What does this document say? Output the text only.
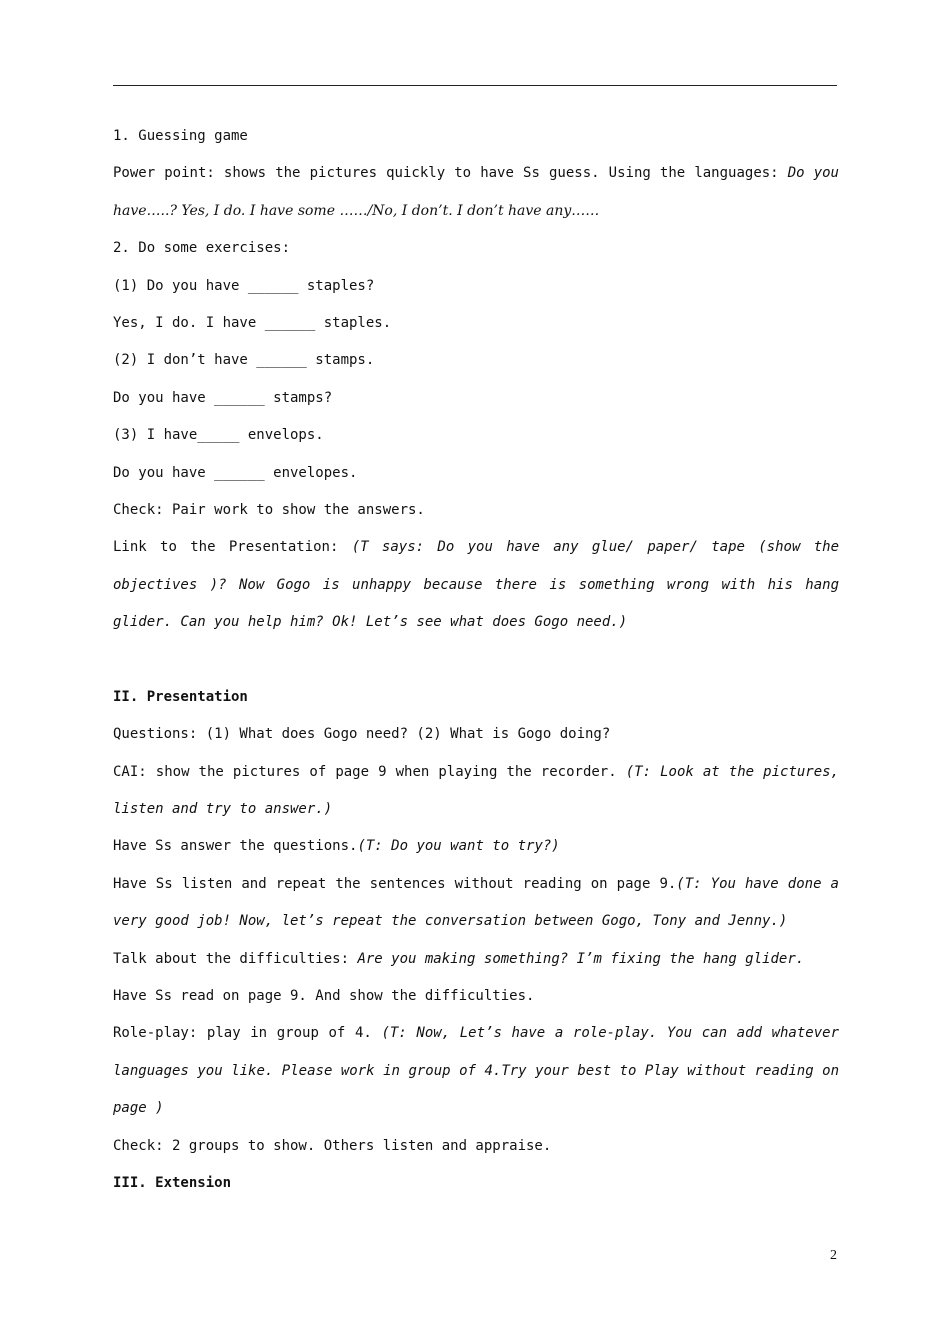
1. Guessing game
Power point: shows the pictures quickly to have Ss guess. Using the languages: Do you
have…..? Yes, I do. I have some ……/No, I don’t. I don’t have any……
2. Do some exercises:
(1) Do you have ______ staples?
Yes, I do. I have ______ staples.
(2) I don’t have ______ stamps.
Do you have ______ stamps?
(3) I have_____ envelops.
Do you have ______ envelopes.
Check: Pair work to show the answers.
Link to the Presentation: (T says: Do you have any glue/ paper/ tape (show the
objectives )? Now Gogo is unhappy because there is something wrong with his hang
glider. Can you help him? Ok! Let’s see what does Gogo need.)
II. Presentation
Questions: (1) What does Gogo need? (2) What is Gogo doing?
CAI: show the pictures of page 9 when playing the recorder. (T: Look at the pictures,
listen and try to answer.)
Have Ss answer the questions.(T: Do you want to try?)
Have Ss listen and repeat the sentences without reading on page 9.(T: You have done a
very good job! Now, let’s repeat the conversation between Gogo, Tony and Jenny.)
Talk about the difficulties: Are you making something? I’m fixing the hang glider.
Have Ss read on page 9. And show the difficulties.
Role-play: play in group of 4. (T: Now, Let’s have a role-play. You can add whatever
languages you like. Please work in group of 4.Try your best to Play without reading on
page )
Check: 2 groups to show. Others listen and appraise.
III. Extension
2
